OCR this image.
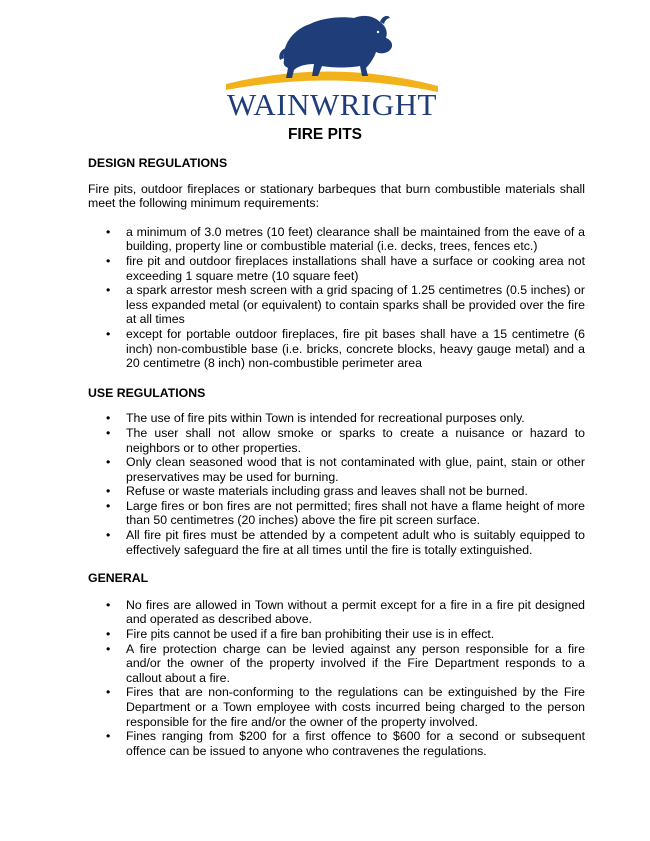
WAINWRIGHT
FIRE PITS
DESIGN REGULATIONS

Fire pits, outdoor fireplaces or stationary barbeques that burn combustible materials shall meet the following minimum requirements:

• a minimum of 3.0 metres (10 feet) clearance shall be maintained from the eave of a building, property line or combustible material (i.e. decks, trees, fences etc.)
• fire pit and outdoor fireplaces installations shall have a surface or cooking area not exceeding 1 square metre (10 square feet)
• a spark arrestor mesh screen with a grid spacing of 1.25 centimetres (0.5 inches) or less expanded metal (or equivalent) to contain sparks shall be provided over the fire at all times
• except for portable outdoor fireplaces, fire pit bases shall have a 15 centimetre (6 inch) non-combustible base (i.e. bricks, concrete blocks, heavy gauge metal) and a 20 centimetre (8 inch) non-combustible perimeter area
USE REGULATIONS
• The use of fire pits within Town is intended for recreational purposes only.
• The user shall not allow smoke or sparks to create a nuisance or hazard to neighbors or to other properties.
• Only clean seasoned wood that is not contaminated with glue, paint, stain or other preservatives may be used for burning.
• Refuse or waste materials including grass and leaves shall not be burned.
• Large fires or bon fires are not permitted; fires shall not have a flame height of more than 50 centimetres (20 inches) above the fire pit screen surface.
• All fire pit fires must be attended by a competent adult who is suitably equipped to effectively safeguard the fire at all times until the fire is totally extinguished.
GENERAL
• No fires are allowed in Town without a permit except for a fire in a fire pit designed and operated as described above.
• Fire pits cannot be used if a fire ban prohibiting their use is in effect.
• A fire protection charge can be levied against any person responsible for a fire and/or the owner of the property involved if the Fire Department responds to a callout about a fire.
• Fires that are non-conforming to the regulations can be extinguished by the Fire Department or a Town employee with costs incurred being charged to the person responsible for the fire and/or the owner of the property involved.
• Fines ranging from $200 for a first offence to $600 for a second or subsequent offence can be issued to anyone who contravenes the regulations.
